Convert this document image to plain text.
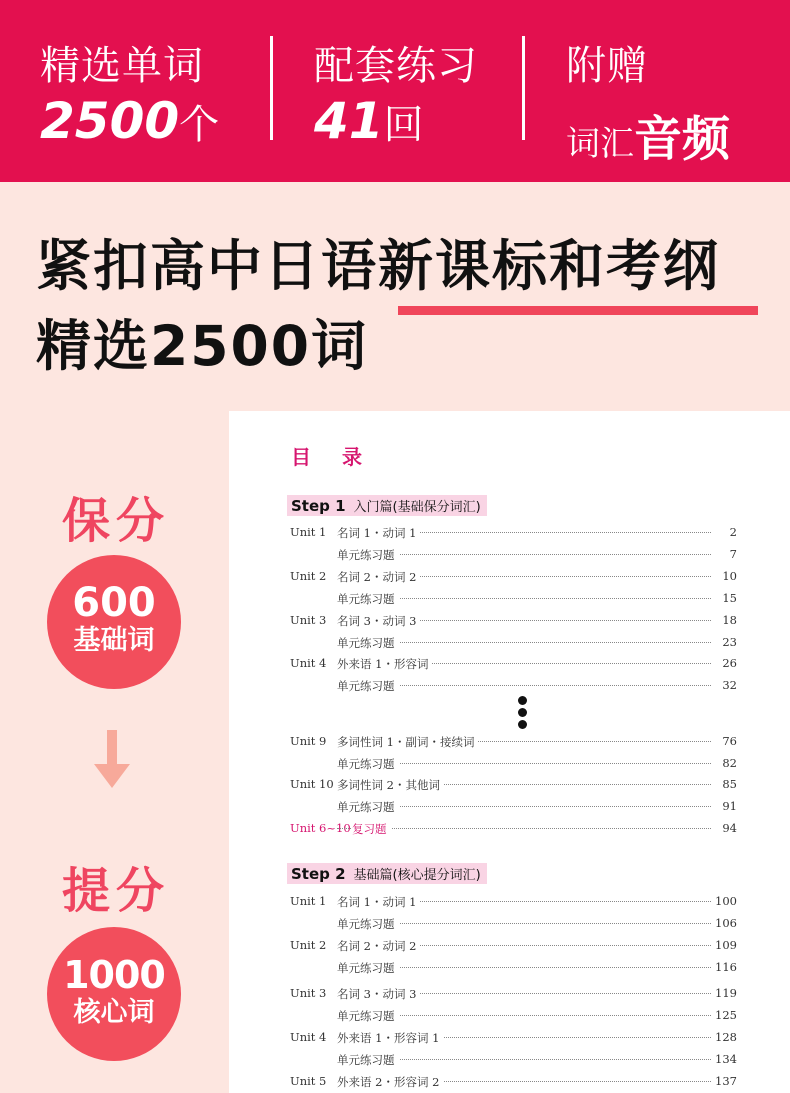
精选单词
2500个
配套练习
41回
附赠
词汇音频
紧扣高中日语新课标和考纲
精选2500词
保分
600
基础词
提分
1000
核心词
目 录
Step 1 入门篇(基础保分词汇)
Unit 1 名词 1・动词 1	2
单元练习题	7
Unit 2 名词 2・动词 2	10
单元练习题	15
Unit 3 名词 3・动词 3	18
单元练习题	23
Unit 4 外来语 1・形容词	26
单元练习题	32
Unit 9 多词性词 1・副词・接续词	76
单元练习题	82
Unit 10 多词性词 2・其他词	85
单元练习题	91
Unit 6~10 复习题	94
Step 2 基础篇(核心提分词汇)
Unit 1 名词 1・动词 1	100
单元练习题	106
Unit 2 名词 2・动词 2	109
单元练习题	116
Unit 3 名词 3・动词 3	119
单元练习题	125
Unit 4 外来语 1・形容词 1	128
单元练习题	134
Unit 5 外来语 2・形容词 2	137
